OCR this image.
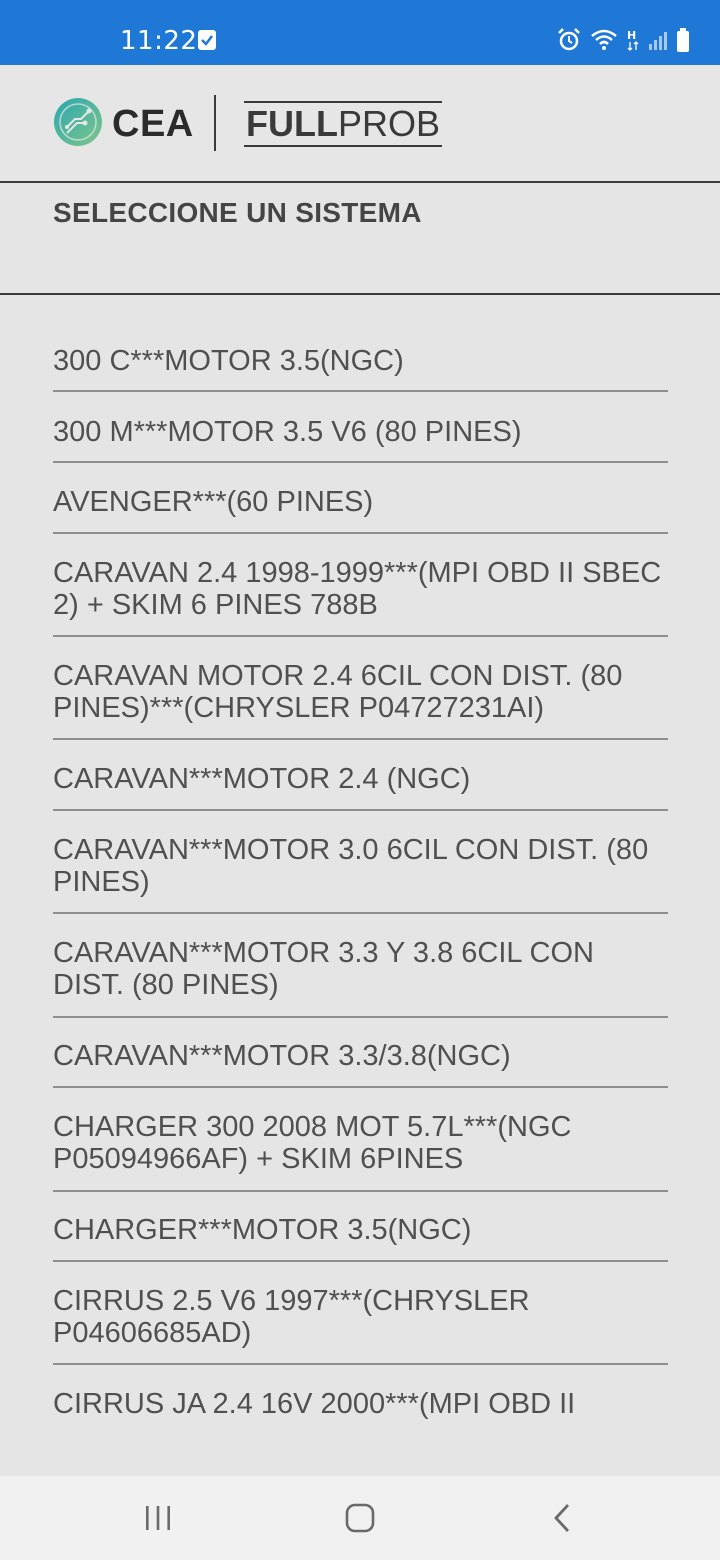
11:22	H
CEA FULL PROB
SELECCIONE UN SISTEMA
300 C***MOTOR 3.5(NGC)
300 M***MOTOR 3.5 V6 (80 PINES)
AVENGER***(60 PINES)
CARAVAN 2.4 1998-1999***(MPI OBD II SBEC 2) + SKIM 6 PINES 788B
CARAVAN MOTOR 2.4 6CIL CON DIST. (80 PINES)***(CHRYSLER P04727231AI)
CARAVAN***MOTOR 2.4 (NGC)
CARAVAN***MOTOR 3.0 6CIL CON DIST. (80 PINES)
CARAVAN***MOTOR 3.3 Y 3.8 6CIL CON DIST. (80 PINES)
CARAVAN***MOTOR 3.3/3.8(NGC)
CHARGER 300 2008 MOT 5.7L***(NGC P05094966AF) + SKIM 6PINES
CHARGER***MOTOR 3.5(NGC)
CIRRUS 2.5 V6 1997***(CHRYSLER P04606685AD)
CIRRUS JA 2.4 16V 2000***(MPI OBD II
